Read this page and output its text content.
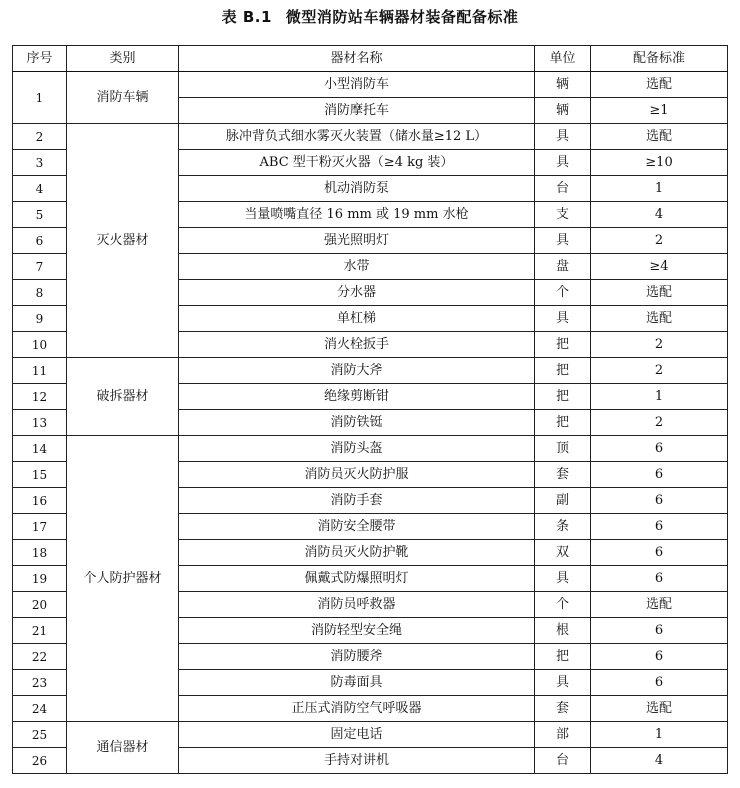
表 B.1 微型消防站车辆器材装备配备标准
序号	类别	器材名称	单位	配备标准
1	消防车辆	小型消防车	辆	选配
		消防摩托车	辆	≥1
2	灭火器材	脉冲背负式细水雾灭火装置（储水量≥12 L）	具	选配
3		ABC 型干粉灭火器（≥4 kg 装）	具	≥10
4		机动消防泵	台	1
5		当量喷嘴直径 16 mm 或 19 mm 水枪	支	4
6		强光照明灯	具	2
7		水带	盘	≥4
8		分水器	个	选配
9		单杠梯	具	选配
10		消火栓扳手	把	2
11	破拆器材	消防大斧	把	2
12		绝缘剪断钳	把	1
13		消防铁铤	把	2
14	个人防护器材	消防头盔	顶	6
15		消防员灭火防护服	套	6
16		消防手套	副	6
17		消防安全腰带	条	6
18		消防员灭火防护靴	双	6
19		佩戴式防爆照明灯	具	6
20		消防员呼救器	个	选配
21		消防轻型安全绳	根	6
22		消防腰斧	把	6
23		防毒面具	具	6
24		正压式消防空气呼吸器	套	选配
25	通信器材	固定电话	部	1
26		手持对讲机	台	4
